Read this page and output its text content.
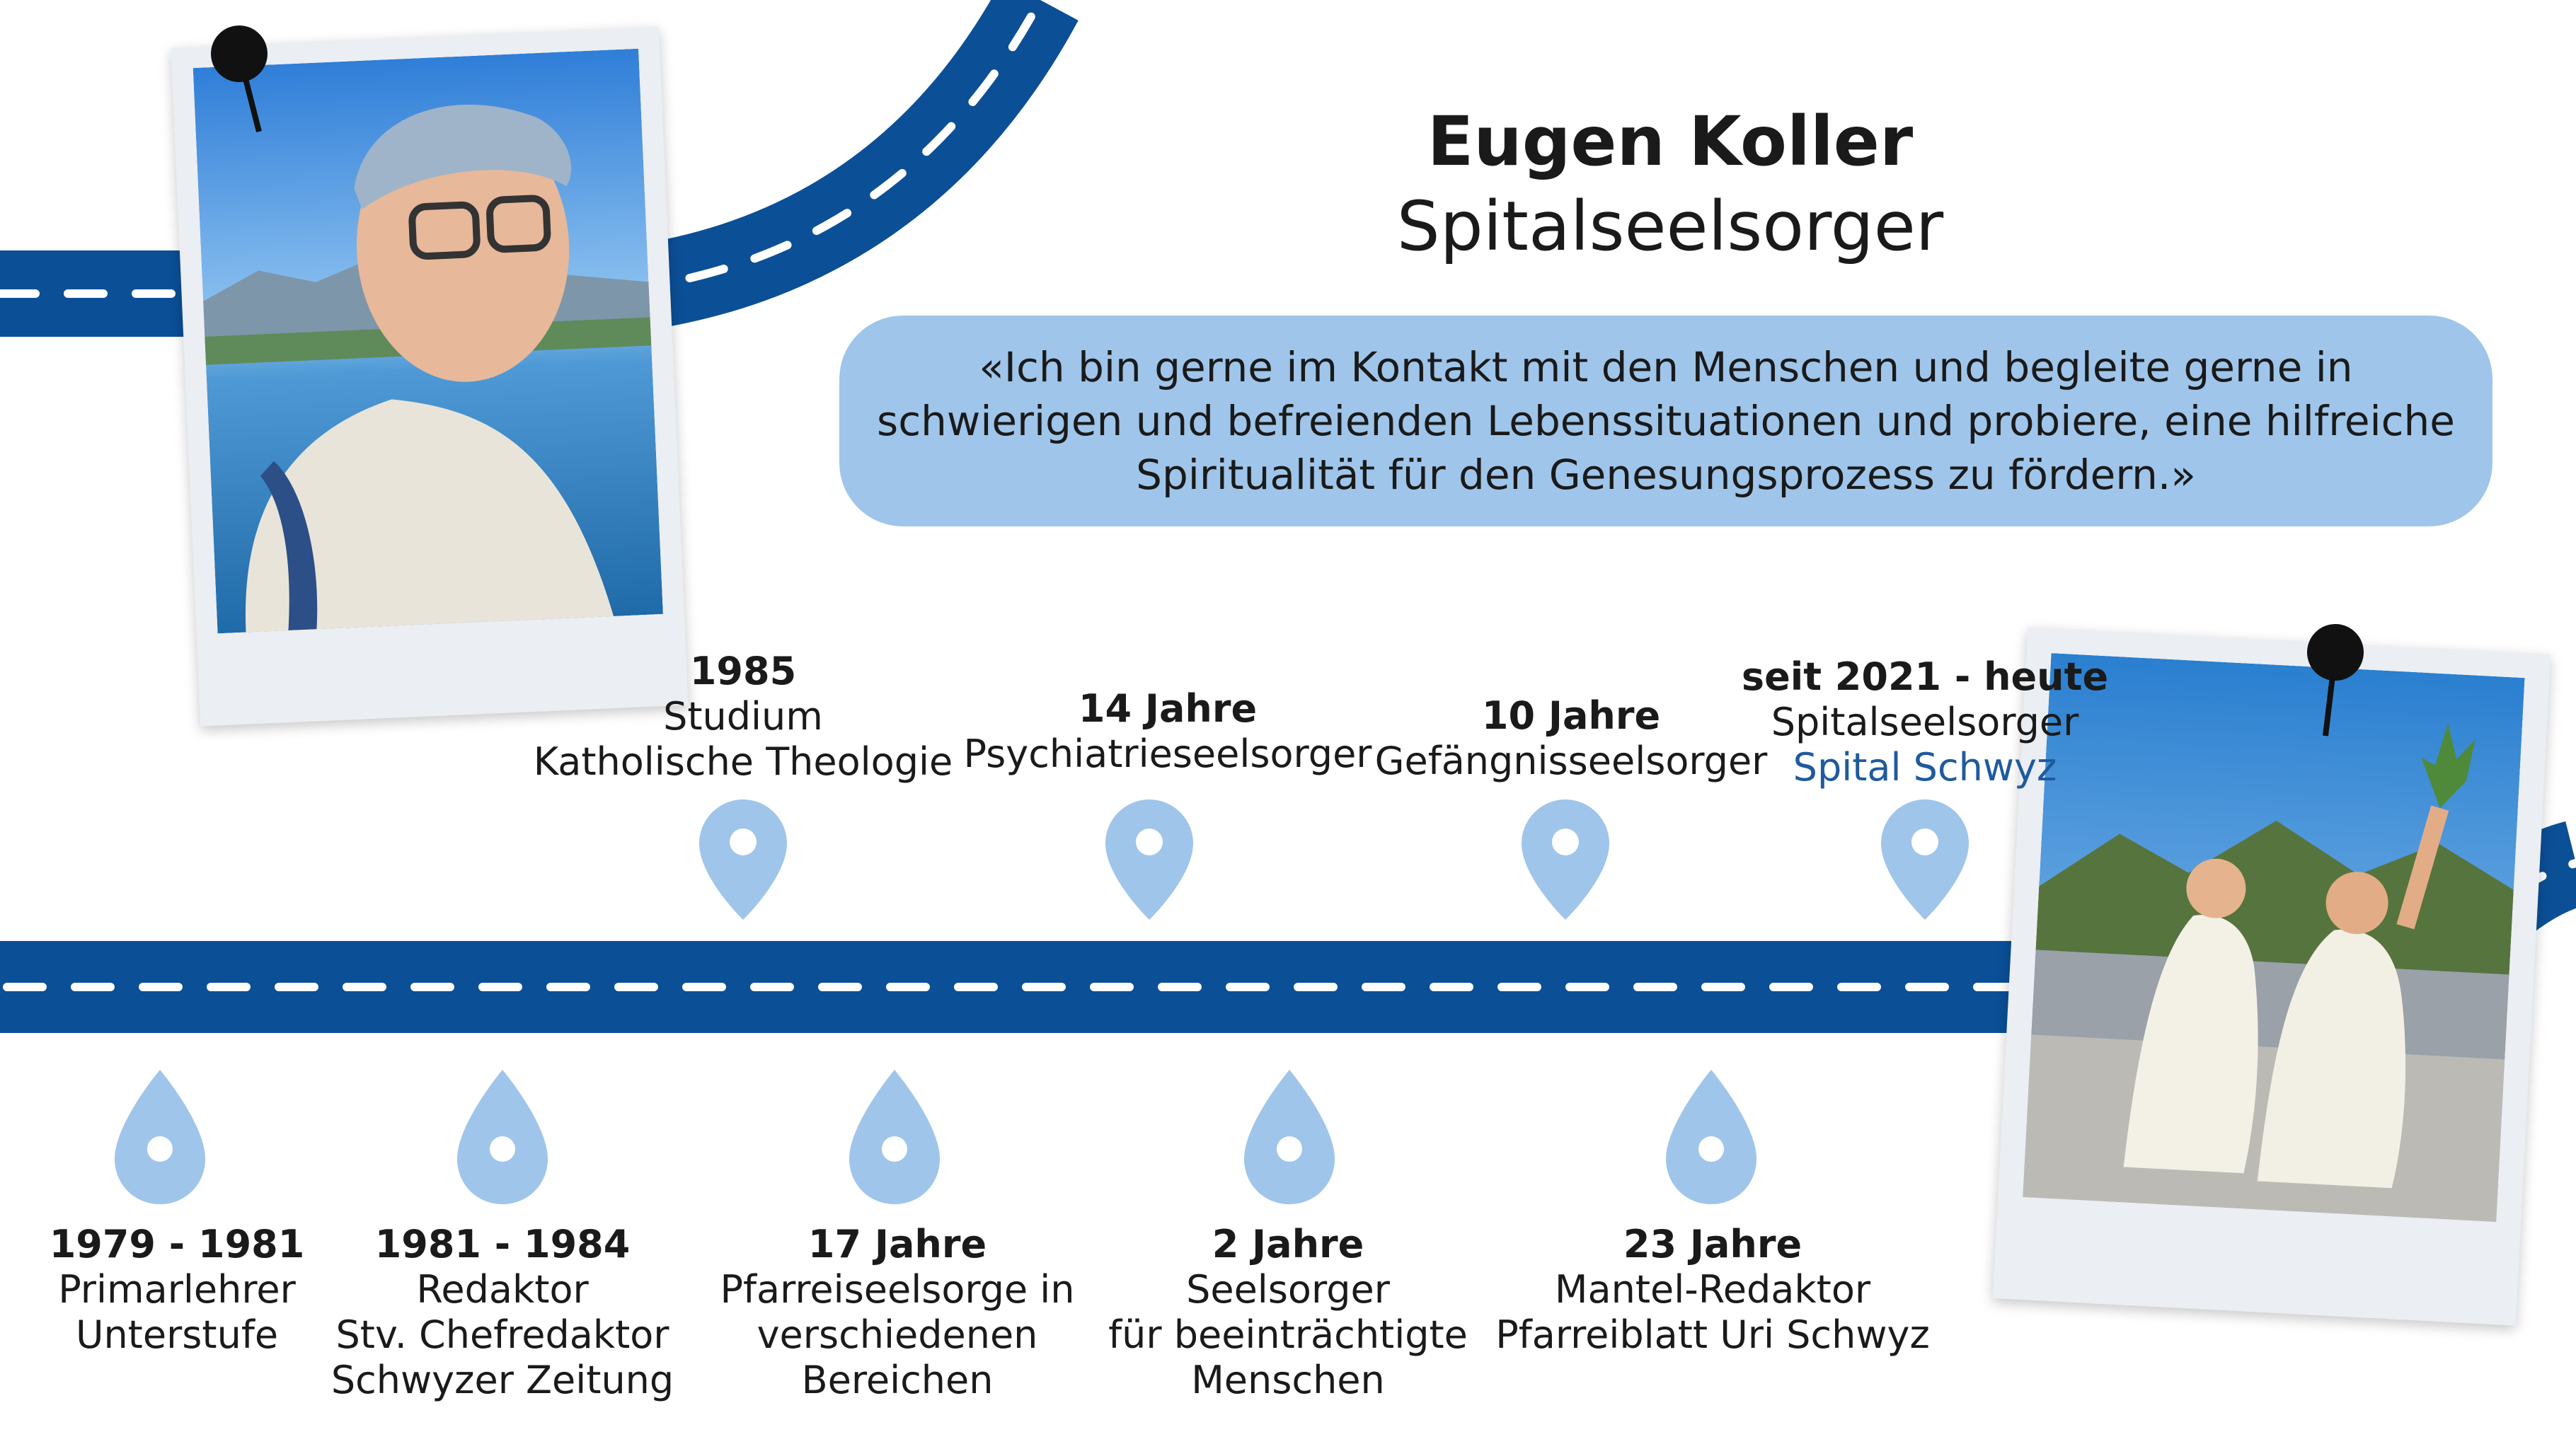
Eugen Koller
Spitalseelsorger
«Ich bin gerne im Kontakt mit den Menschen und begleite gerne in
schwierigen und befreienden Lebenssituationen und probiere, eine hilfreiche
Spiritualität für den Genesungsprozess zu fördern.»
1985
Studium
Katholische Theologie
14 Jahre
Psychiatrieseelsorger
10 Jahre
Gefängnisseelsorger
seit 2021 - heute
Spitalseelsorger
Spital Schwyz
1979 - 1981
Primarlehrer
Unterstufe
1981 - 1984
Redaktor
Stv. Chefredaktor
Schwyzer Zeitung
17 Jahre
Pfarreiseelsorge in
verschiedenen
Bereichen
2 Jahre
Seelsorger
für beeinträchtigte
Menschen
23 Jahre
Mantel-Redaktor
Pfarreiblatt Uri Schwyz
